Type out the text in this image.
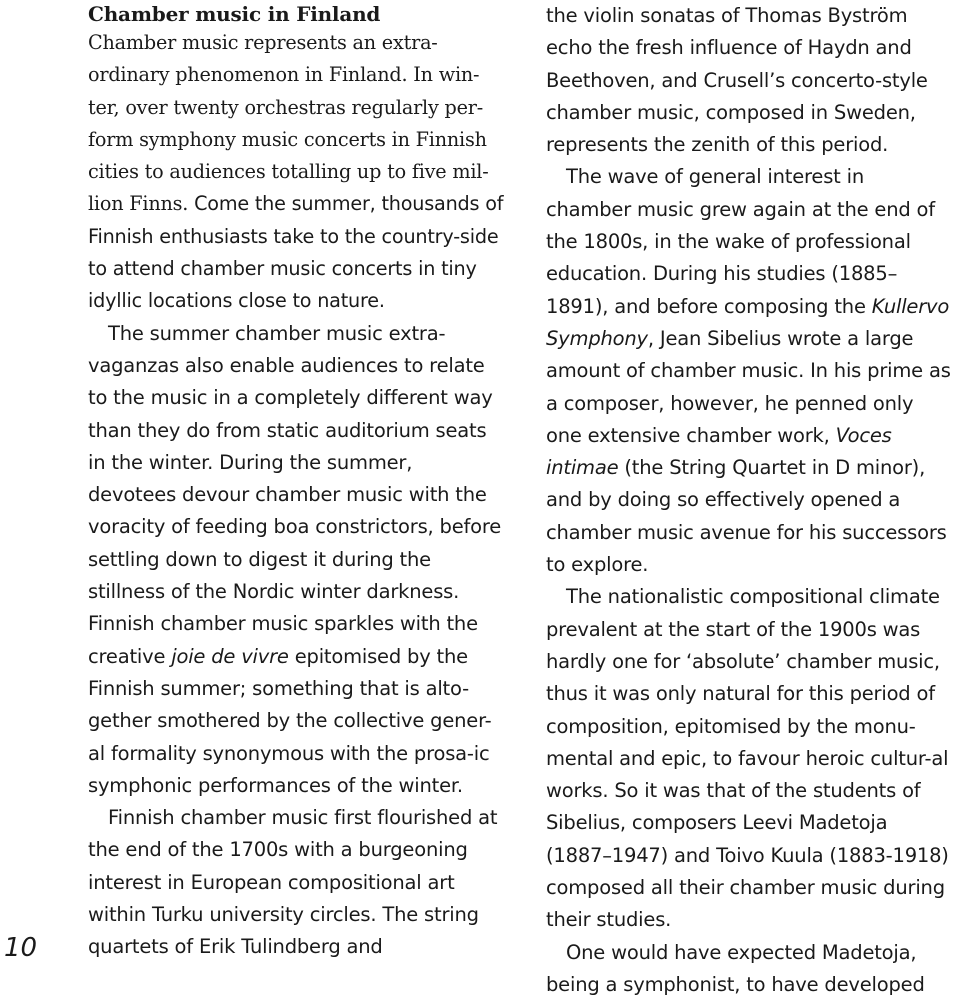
10
Chamber music in Finland

Chamber music represents an extra-ordinary phenomenon in Finland. In win-ter, over twenty orchestras regularly per-form symphony music concerts in Finnish cities to audiences totalling up to five mil-lion Finns. Come the summer, thousands of Finnish enthusiasts take to the country-side to attend chamber music concerts in tiny idyllic locations close to nature.

The summer chamber music extra-vaganzas also enable audiences to relate to the music in a completely different way than they do from static auditorium seats in the winter. During the summer, devotees devour chamber music with the voracity of feeding boa constrictors, before settling down to digest it during the stillness of the Nordic winter darkness. Finnish chamber music sparkles with the creative joie de vivre epitomised by the Finnish summer; something that is alto-gether smothered by the collective gener-al formality synonymous with the prosa-ic symphonic performances of the winter.

Finnish chamber music first flourished at the end of the 1700s with a burgeoning interest in European compositional art within Turku university circles. The string quartets of Erik Tulindberg and

the violin sonatas of Thomas Byström echo the fresh influence of Haydn and Beethoven, and Crusell’s concerto-style chamber music, composed in Sweden, represents the zenith of this period.

The wave of general interest in chamber music grew again at the end of the 1800s, in the wake of professional education. During his studies (1885–1891), and before composing the Kullervo Symphony, Jean Sibelius wrote a large amount of chamber music. In his prime as a composer, however, he penned only one extensive chamber work, Voces intimae (the String Quartet in D minor), and by doing so effectively opened a chamber music avenue for his successors to explore.

The nationalistic compositional climate prevalent at the start of the 1900s was hardly one for ‘absolute’ chamber music, thus it was only natural for this period of composition, epitomised by the monu-mental and epic, to favour heroic cultur-al works. So it was that of the students of Sibelius, composers Leevi Madetoja (1887–1947) and Toivo Kuula (1883-1918) composed all their chamber music during their studies.

One would have expected Madetoja, being a symphonist, to have developed
